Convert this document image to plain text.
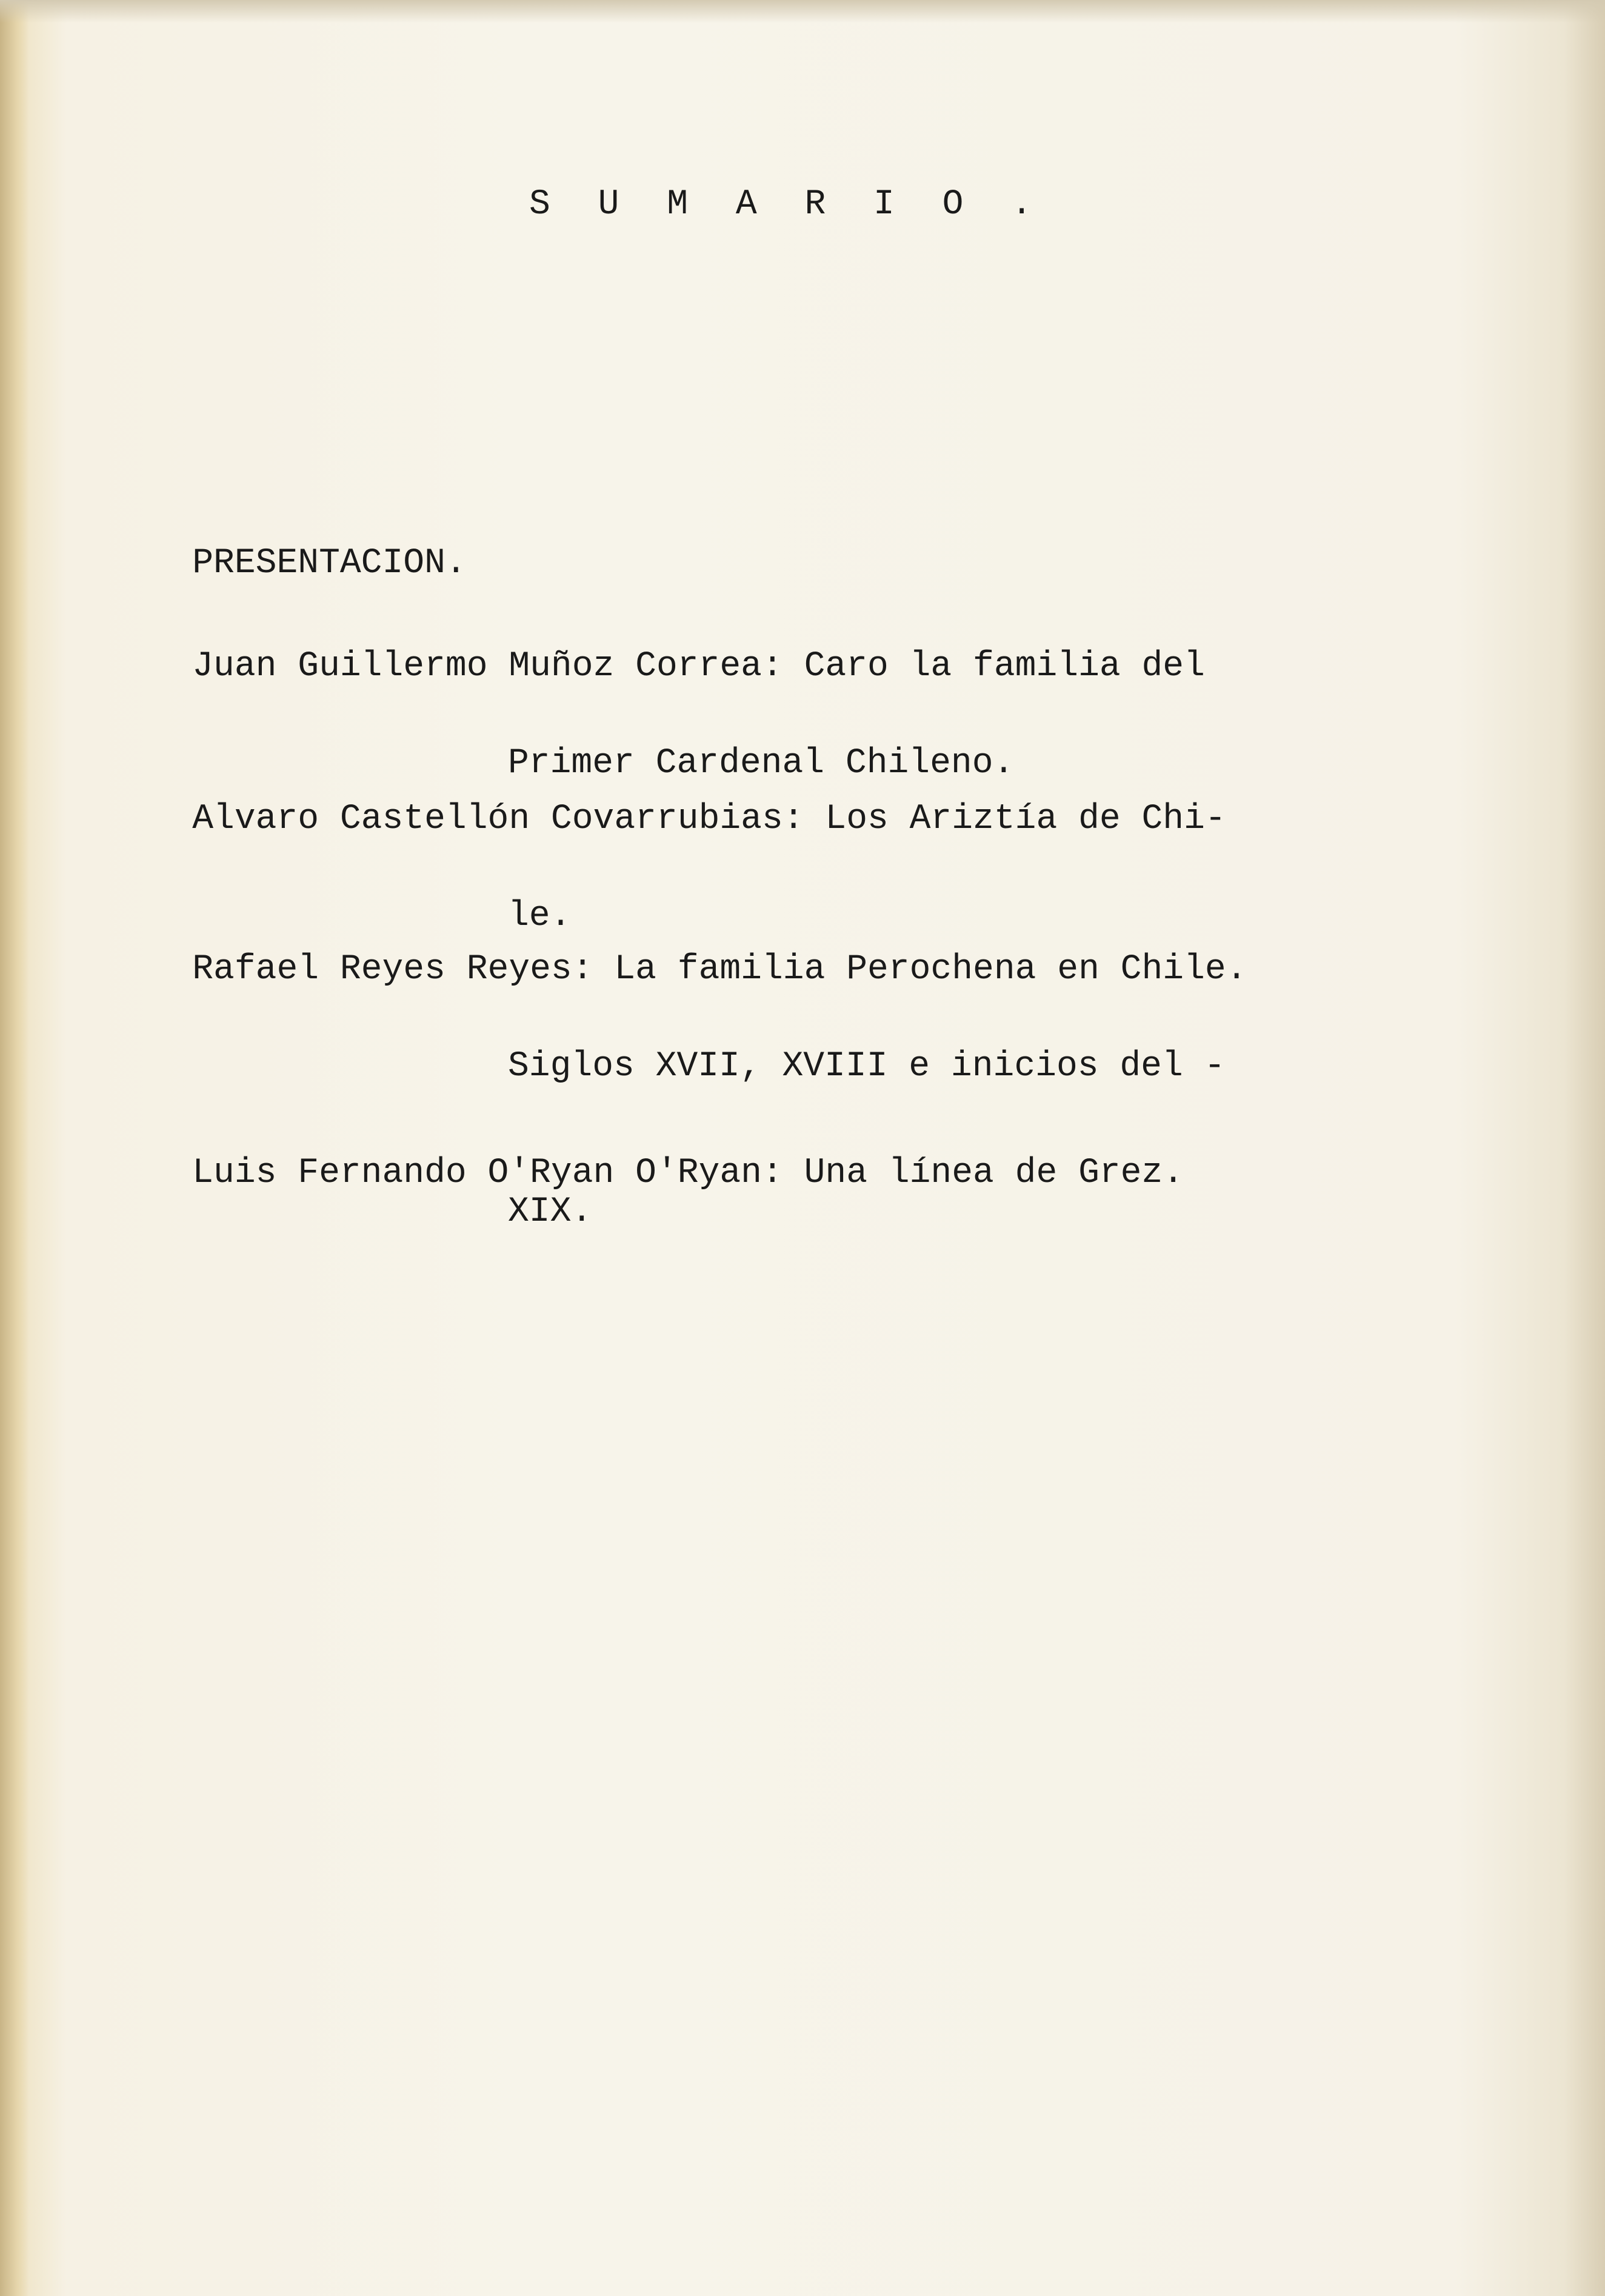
S U M A R I O .

PRESENTACION.

Juan Guillermo Muñoz Correa: Caro la familia del

Primer Cardenal Chileno.

Alvaro Castellón Covarrubias: Los Ariztía de Chi-

le.

Rafael Reyes Reyes: La familia Perochena en Chile.

Siglos XVII, XVIII e inicios del -

XIX.

Luis Fernando O'Ryan O'Ryan: Una línea de Grez.
